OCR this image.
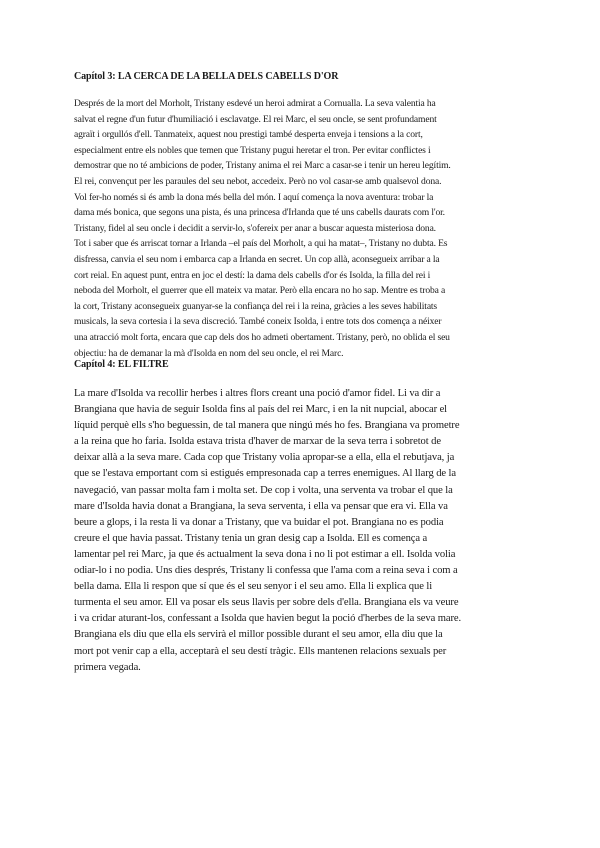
Capítol 3: LA CERCA DE LA BELLA DELS CABELLS D'OR

Després de la mort del Morholt, Tristany esdevé un heroi admirat a Cornualla. La seva valentia ha
salvat el regne d'un futur d'humiliació i esclavatge. El rei Marc, el seu oncle, se sent profundament
agraït i orgullós d'ell. Tanmateix, aquest nou prestigi també desperta enveja i tensions a la cort,
especialment entre els nobles que temen que Tristany pugui heretar el tron. Per evitar conflictes i
demostrar que no té ambicions de poder, Tristany anima el rei Marc a casar-se i tenir un hereu legítim.
El rei, convençut per les paraules del seu nebot, accedeix. Però no vol casar-se amb qualsevol dona.
Vol fer-ho només si és amb la dona més bella del món. I aquí comença la nova aventura: trobar la
dama més bonica, que segons una pista, és una princesa d'Irlanda que té uns cabells daurats com l'or.
Tristany, fidel al seu oncle i decidit a servir-lo, s'ofereix per anar a buscar aquesta misteriosa dona.
Tot i saber que és arriscat tornar a Irlanda –el país del Morholt, a qui ha matat–, Tristany no dubta. Es
disfressa, canvia el seu nom i embarca cap a Irlanda en secret. Un cop allà, aconsegueix arribar a la
cort reial. En aquest punt, entra en joc el destí: la dama dels cabells d'or és Isolda, la filla del rei i
neboda del Morholt, el guerrer que ell mateix va matar. Però ella encara no ho sap. Mentre es troba a
la cort, Tristany aconsegueix guanyar-se la confiança del rei i la reina, gràcies a les seves habilitats
musicals, la seva cortesia i la seva discreció. També coneix Isolda, i entre tots dos comença a néixer
una atracció molt forta, encara que cap dels dos ho admeti obertament. Tristany, però, no oblida el seu
objectiu: ha de demanar la mà d'Isolda en nom del seu oncle, el rei Marc.

Capítol 4: EL FILTRE

La mare d'Isolda va recollir herbes i altres flors creant una poció d'amor fidel. Li va dir a
Brangiana que havia de seguir Isolda fins al país del rei Marc, i en la nit nupcial, abocar el
líquid perquè ells s'ho beguessin, de tal manera que ningú més ho fes. Brangiana va prometre
a la reina que ho faria. Isolda estava trista d'haver de marxar de la seva terra i sobretot de
deixar allà a la seva mare. Cada cop que Tristany volia apropar-se a ella, ella el rebutjava, ja
que se l'estava emportant com si estigués empresonada cap a terres enemigues. Al llarg de la
navegació, van passar molta fam i molta set. De cop i volta, una serventa va trobar el que la
mare d'Isolda havia donat a Brangiana, la seva serventa, i ella va pensar que era vi. Ella va
beure a glops, i la resta li va donar a Tristany, que va buidar el pot. Brangiana no es podia
creure el que havia passat. Tristany tenia un gran desig cap a Isolda. Ell es comença a
lamentar pel rei Marc, ja que és actualment la seva dona i no li pot estimar a ell. Isolda volia
odiar-lo i no podia. Uns dies després, Tristany li confessa que l'ama com a reina seva i com a
bella dama. Ella li respon que sí que és el seu senyor i el seu amo. Ella li explica que li
turmenta el seu amor. Ell va posar els seus llavis per sobre dels d'ella. Brangiana els va veure
i va cridar aturant-los, confessant a Isolda que havien begut la poció d'herbes de la seva mare.
Brangiana els diu que ella els servirà el millor possible durant el seu amor, ella diu que la
mort pot venir cap a ella, acceptarà el seu destí tràgic. Ells mantenen relacions sexuals per
primera vegada.
